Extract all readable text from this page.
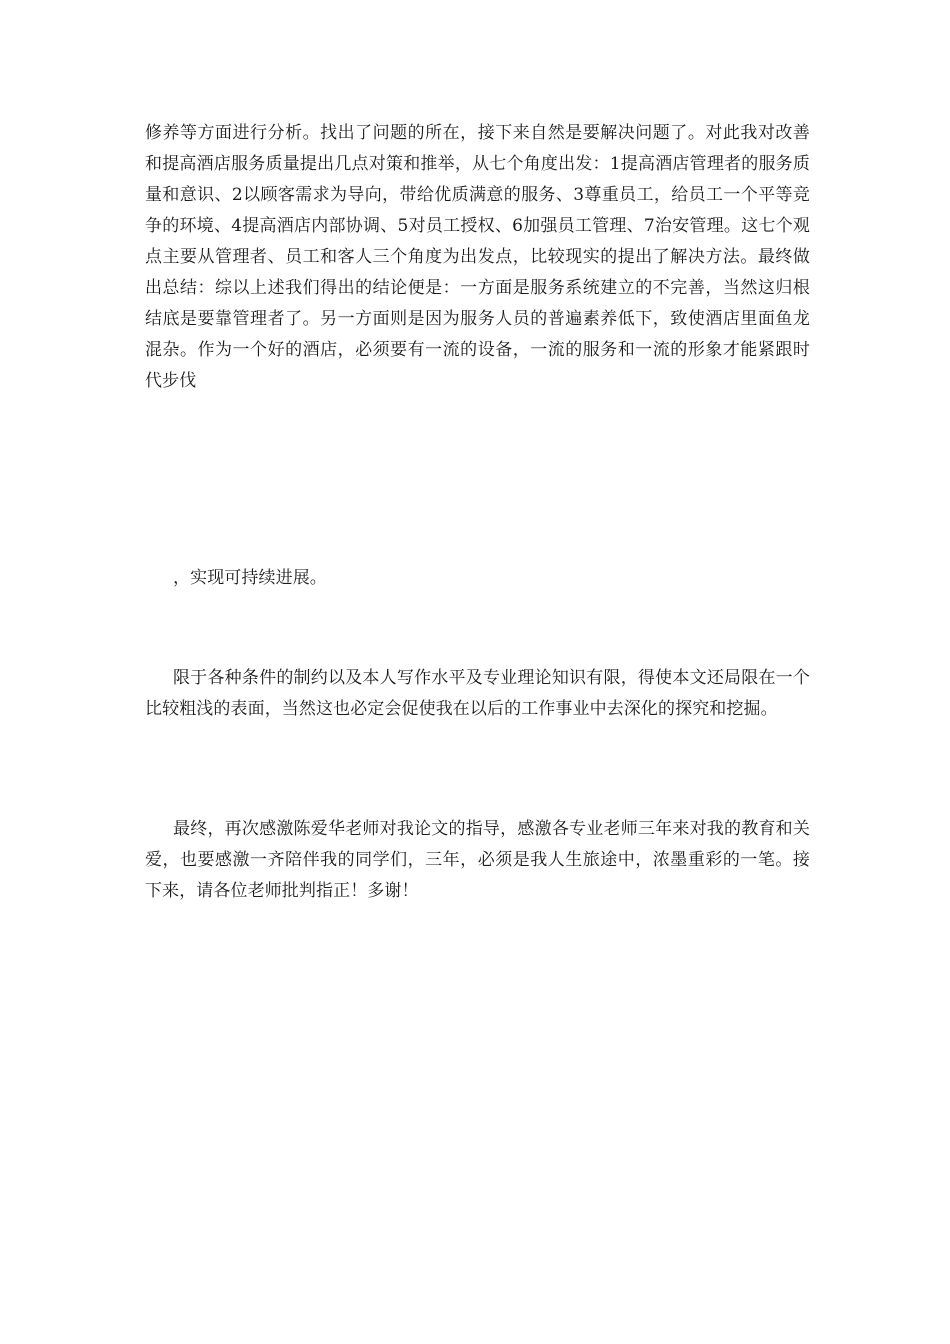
修养等方面进行分析。找出了问题的所在，接下来自然是要解决问题了。对此我对改善和提高酒店服务质量提出几点对策和推举，从七个角度出发：1提高酒店管理者的服务质量和意识、2以顾客需求为导向，带给优质满意的服务、3尊重员工，给员工一个平等竞争的环境、4提高酒店内部协调、5对员工授权、6加强员工管理、7治安管理。这七个观点主要从管理者、员工和客人三个角度为出发点，比较现实的提出了解决方法。最终做出总结：综以上述我们得出的结论便是：一方面是服务系统建立的不完善，当然这归根结底是要靠管理者了。另一方面则是因为服务人员的普遍素养低下，致使酒店里面鱼龙混杂。作为一个好的酒店，必须要有一流的设备，一流的服务和一流的形象才能紧跟时代步伐

，实现可持续进展。

限于各种条件的制约以及本人写作水平及专业理论知识有限，得使本文还局限在一个比较粗浅的表面，当然这也必定会促使我在以后的工作事业中去深化的探究和挖掘。

最终，再次感激陈爱华老师对我论文的指导，感激各专业老师三年来对我的教育和关爱，也要感激一齐陪伴我的同学们，三年，必须是我人生旅途中，浓墨重彩的一笔。接下来，请各位老师批判指正！多谢！
